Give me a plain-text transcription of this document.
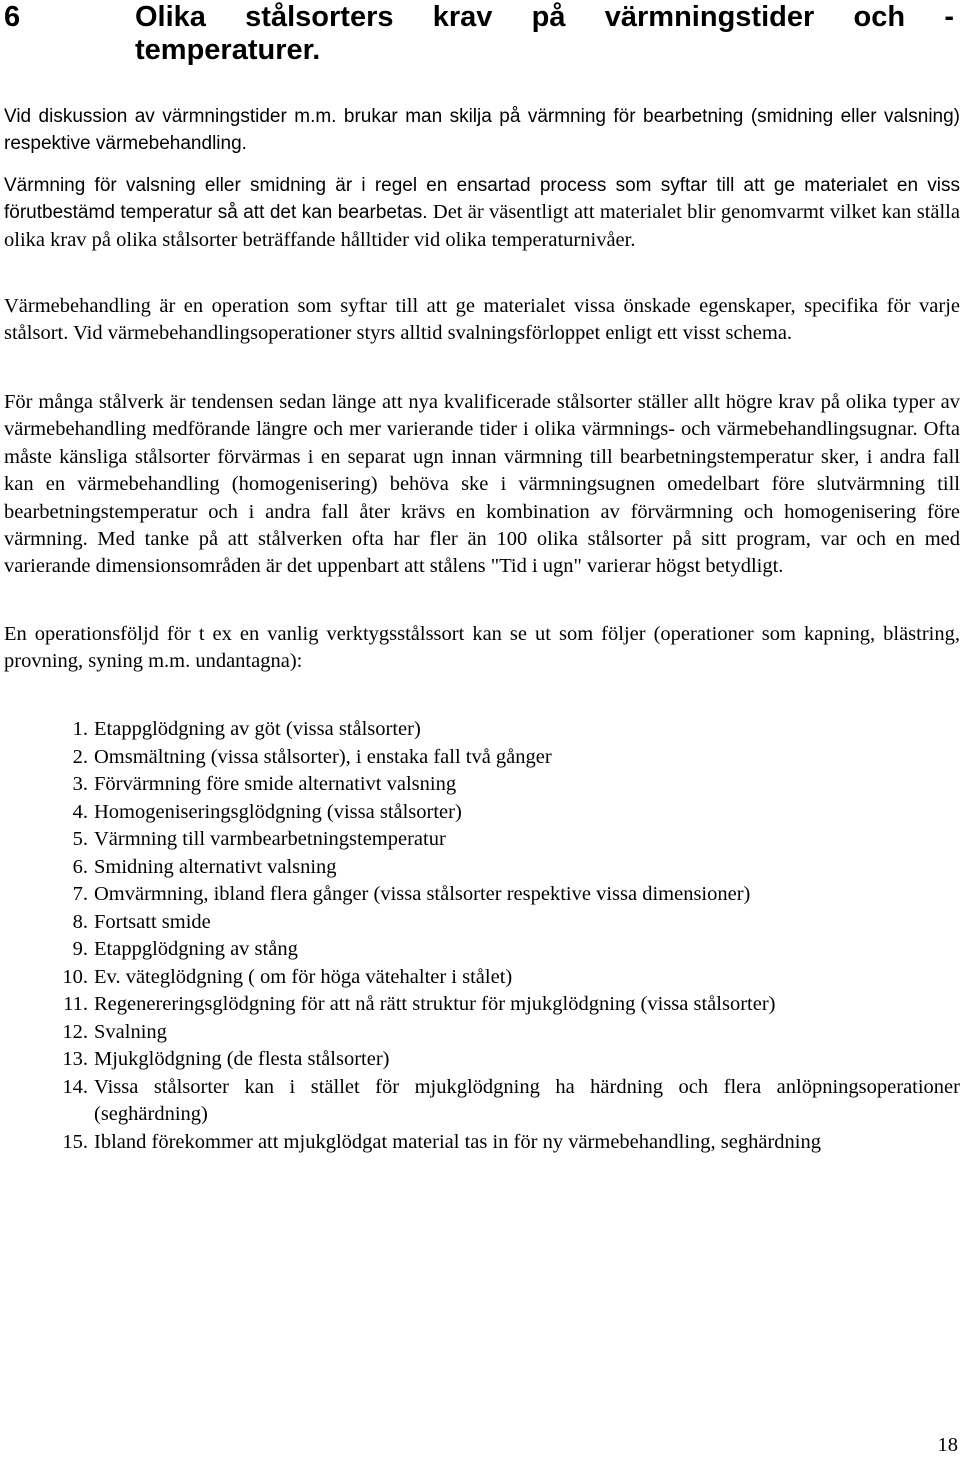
6	Olika stålsorters krav på värmningstider och -
temperaturer.

Vid diskussion av värmningstider m.m. brukar man skilja på värmning för bearbetning (smidning eller valsning) respektive värmebehandling.

Värmning för valsning eller smidning är i regel en ensartad process som syftar till att ge materialet en viss förutbestämd temperatur så att det kan bearbetas. Det är väsentligt att materialet blir genomvarmt vilket kan ställa olika krav på olika stålsorter beträffande hålltider vid olika temperaturnivåer.

Värmebehandling är en operation som syftar till att ge materialet vissa önskade egenskaper, specifika för varje stålsort. Vid värmebehandlingsoperationer styrs alltid svalningsförloppet enligt ett visst schema.

För många stålverk är tendensen sedan länge att nya kvalificerade stålsorter ställer allt högre krav på olika typer av värmebehandling medförande längre och mer varierande tider i olika värmnings- och värmebehandlingsugnar. Ofta måste känsliga stålsorter förvärmas i en separat ugn innan värmning till bearbetningstemperatur sker, i andra fall kan en värmebehandling (homogenisering) behöva ske i värmningsugnen omedelbart före slutvärmning till bearbetningstemperatur och i andra fall åter krävs en kombination av förvärmning och homogenisering före värmning. Med tanke på att stålverken ofta har fler än 100 olika stålsorter på sitt program, var och en med varierande dimensionsområden är det uppenbart att stålens "Tid i ugn" varierar högst betydligt.

En operationsföljd för t ex en vanlig verktygsstålssort kan se ut som följer (operationer som kapning, blästring, provning, syning m.m. undantagna):

1. Etappglödgning av göt (vissa stålsorter)
2. Omsmältning (vissa stålsorter), i enstaka fall två gånger
3. Förvärmning före smide alternativt valsning
4. Homogeniseringsglödgning (vissa stålsorter)
5. Värmning till varmbearbetningstemperatur
6. Smidning alternativt valsning
7. Omvärmning, ibland flera gånger (vissa stålsorter respektive vissa dimensioner)
8. Fortsatt smide
9. Etappglödgning av stång
10. Ev. väteglödgning ( om för höga vätehalter i stålet)
11. Regenereringsglödgning för att nå rätt struktur för mjukglödgning (vissa stålsorter)
12. Svalning
13. Mjukglödgning (de flesta stålsorter)
14. Vissa stålsorter kan i stället för mjukglödgning ha härdning och flera anlöpningsoperationer (seghärdning)
15. Ibland förekommer att mjukglödgat material tas in för ny värmebehandling, seghärdning
18
